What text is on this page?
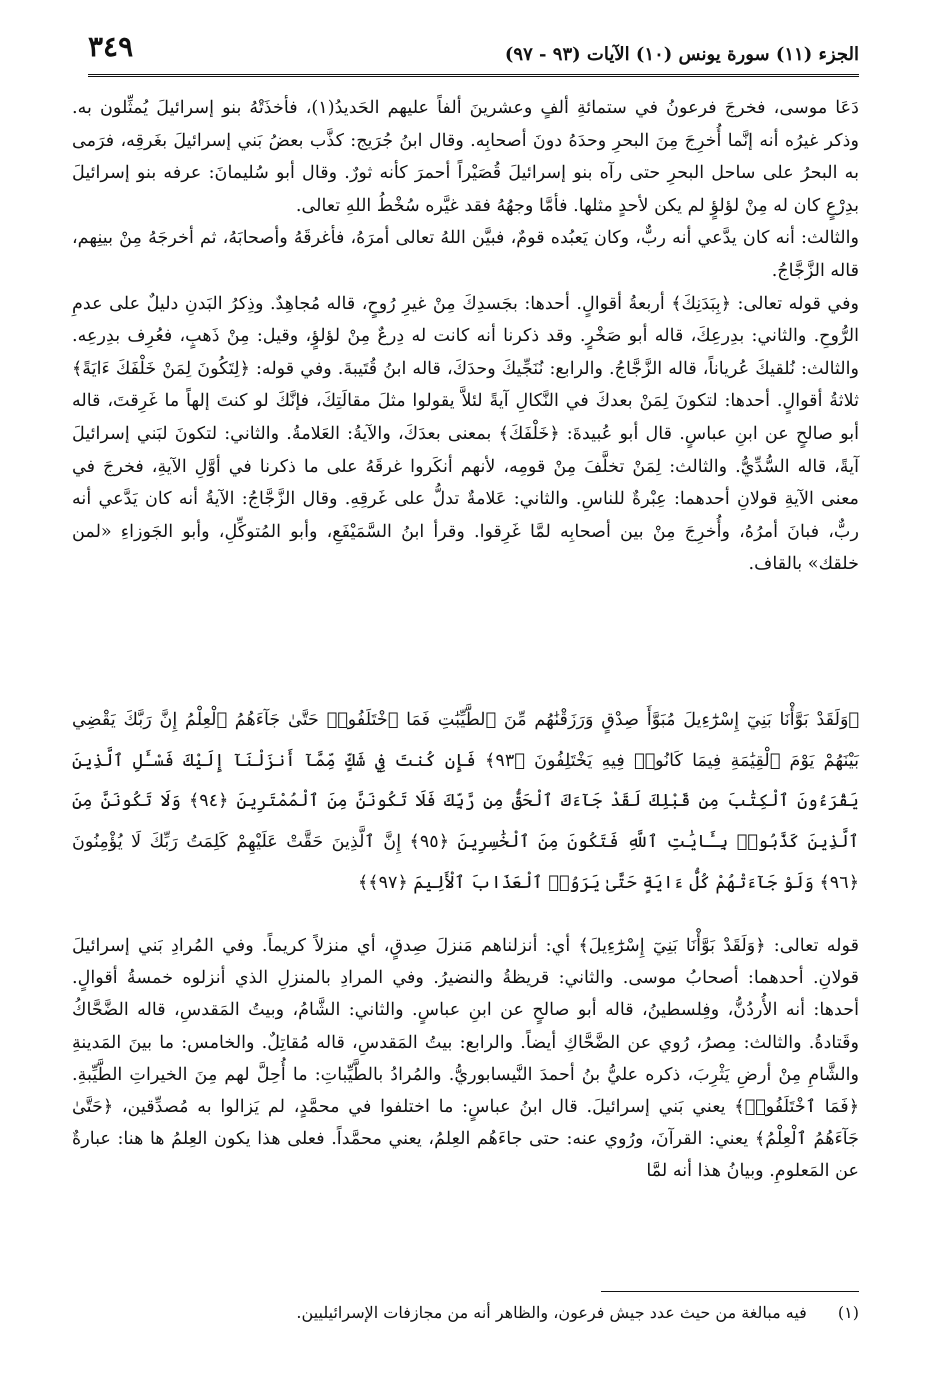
٣٤٩	الجزء (١١) سورة يونس (١٠) الآيات (٩٣ - ٩٧)
دَعَا موسى، فخرجَ فرعونُ في ستمائةِ ألفٍ وعشرينَ ألفاً عليهم الحَديدُ(١)، فأخذَتْهُ بنو إسرائيلَ يُمثِّلون به. وذكر غيرُه أنه إنَّما أُخرِجَ مِنَ البحرِ وحدَهُ دونَ أصحابِه. وقال ابنُ جُرَيج: كذَّب بعضُ بَني إسرائيلَ بغَرقِه، فرَمى به البحرُ على ساحل البحرِ حتى رآه بنو إسرائيلَ قُصَيْراً أحمرَ كأنه ثورٌ. وقال أبو سُليمانَ: عرفه بنو إسرائيلَ بدِرْعٍ كان له مِنْ لؤلؤٍ لم يكن لأحدٍ مثلها. فأمَّا وجهُهُ فقد غيَّره سُخْطُ اللهِ تعالى.
والثالث: أنه كان يدَّعي أنه ربٌّ، وكان يَعبُده قومٌ، فبيَّن اللهُ تعالى أمرَهُ، فأغرقَهُ وأصحابَهُ، ثم أخرجَهُ مِنْ بينِهم، قاله الزَّجَّاجُ.
وفي قوله تعالى: ﴿بِبَدَنِكَ﴾ أربعةُ أقوالٍ. أحدها: بجَسدِكَ مِنْ غيرِ رُوحٍ، قاله مُجاهِدٌ. وذِكرُ البَدنِ دليلٌ على عدمِ الرُّوحِ. والثاني: بدِرعِكَ، قاله أبو صَخْرٍ. وقد ذكرنا أنه كانت له دِرعٌ مِنْ لؤلؤٍ، وقيل: مِنْ ذَهبٍ، فعُرِف بدِرعِه. والثالث: نُلقيكَ عُرياناً، قاله الزَّجَّاجُ. والرابع: نُنَجِّيكَ وحدَكَ، قاله ابنُ قُتَيبةَ. وفي قوله: ﴿لِتَكُونَ لِمَنْ خَلْفَكَ ءَايَةً﴾ ثلاثةُ أقوالٍ. أحدها: لتكونَ لِمَنْ بعدكَ في النَّكالِ آيةً لئلاَّ يقولوا مثلَ مقالَتِكَ، فإنَّكَ لو كنتَ إلهاً ما غَرِقتَ، قاله أبو صالحٍ عن ابنِ عباسٍ. قال أبو عُبيدةَ: ﴿خَلْفَكَ﴾ بمعنى بعدَكَ، والآيةُ: العَلامةُ. والثاني: لتكونَ لبَني إسرائيلَ آيةً، قاله السُّدِّيُّ. والثالث: لِمَنْ تخلَّفَ مِنْ قومِه، لأنهم أنكَروا غرقَهُ على ما ذكرنا في أوَّلِ الآيةِ، فخرجَ في معنى الآيةِ قولانِ أحدهما: عِبْرةٌ للناسِ. والثاني: عَلامةٌ تدلُّ على غَرقِهِ. وقال الزَّجَّاجُ: الآيةُ أنه كان يَدَّعي أنه ربٌّ، فبانَ أمرُهُ، وأُخرِجَ مِنْ بين أصحابِه لمَّا غَرِقوا. وقرأ ابنُ السَّمَيْفَعِ، وأبو المُتوكِّلِ، وأبو الجَوزاءِ «لمن خلقك» بالقاف.

﴿وَلَقَدْ بَوَّأْنَا بَنِيٓ إِسْرَٰٓءِيلَ مُبَوَّأَ صِدْقٍ وَرَزَقْنَٰهُم مِّنَ ٱلطَّيِّبَٰتِ فَمَا ٱخْتَلَفُوا۟ حَتَّىٰ جَآءَهُمُ ٱلْعِلْمُ إِنَّ رَبَّكَ يَقْضِي بَيْنَهُمْ يَوْمَ ٱلْقِيَٰمَةِ فِيمَا كَانُوا۟ فِيهِ يَخْتَلِفُونَ ﴿٩٣﴾ فَإِن كُنتَ فِي شَكٍّ مِّمَّآ أَنزَلْنَآ إِلَيْكَ فَسْـَٔلِ ٱلَّذِينَ يَقْرَءُونَ ٱلْكِتَٰبَ مِن قَبْلِكَ لَقَدْ جَآءَكَ ٱلْحَقُّ مِن رَّبِّكَ فَلَا تَكُونَنَّ مِنَ ٱلْمُمْتَرِينَ ﴿٩٤﴾ وَلَا تَكُونَنَّ مِنَ ٱلَّذِينَ كَذَّبُوا۟ بِـَٔايَٰتِ ٱللَّهِ فَتَكُونَ مِنَ ٱلْخَٰسِرِينَ ﴿٩٥﴾ إِنَّ ٱلَّذِينَ حَقَّتْ عَلَيْهِمْ كَلِمَتُ رَبِّكَ لَا يُؤْمِنُونَ ﴿٩٦﴾ وَلَوْ جَآءَتْهُمْ كُلُّ ءَايَةٍ حَتَّىٰ يَرَوُا۟ ٱلْعَذَابَ ٱلْأَلِيمَ ﴿٩٧﴾﴾

قوله تعالى: ﴿وَلَقَدْ بَوَّأْنَا بَنِيٓ إِسْرَٰٓءِيلَ﴾ أي: أنزلناهم مَنزلَ صِدقٍ، أي منزلاً كريماً. وفي المُرادِ بَني إسرائيلَ قولانِ. أحدهما: أصحابُ موسى. والثاني: قريظةُ والنضيرُ. وفي المرادِ بالمنزلِ الذي أنزلوه خمسةُ أقوالٍ. أحدها: أنه الأُردُنُّ، وفِلسطينُ، قاله أبو صالحٍ عن ابنِ عباسٍ. والثاني: الشَّامُ، وبيتُ المَقدسِ، قاله الضَّحَّاكُ وقَتادةُ. والثالث: مِصرُ، رُوي عن الضَّحَّاكِ أيضاً. والرابع: بيتُ المَقدسِ، قاله مُقاتِلٌ. والخامس: ما بينَ المَدينةِ والشَّامِ مِنْ أرضِ يَثْرِبَ، ذكره عليُّ بنُ أحمدَ النَّيسابوريُّ. والمُرادُ بالطَّيِّباتِ: ما أُحِلَّ لهم مِنَ الخيراتِ الطَّيِّبةِ. ﴿فَمَا ٱخْتَلَفُوا۟﴾ يعني بَني إسرائيلَ. قال ابنُ عباسٍ: ما اختلفوا في محمَّدٍ، لم يَزالوا به مُصدِّقين، ﴿حَتَّىٰ جَآءَهُمُ ٱلْعِلْمُ﴾ يعني: القرآنَ، ورُوي عنه: حتى جاءَهُم العِلمُ، يعني محمَّداً. فعلى هذا يكون العِلمُ ها هنا: عبارةٌ عن المَعلومِ. وبيانُ هذا أنه لمَّا

(١) فيه مبالغة من حيث عدد جيش فرعون، والظاهر أنه من مجازفات الإسرائيليين.
